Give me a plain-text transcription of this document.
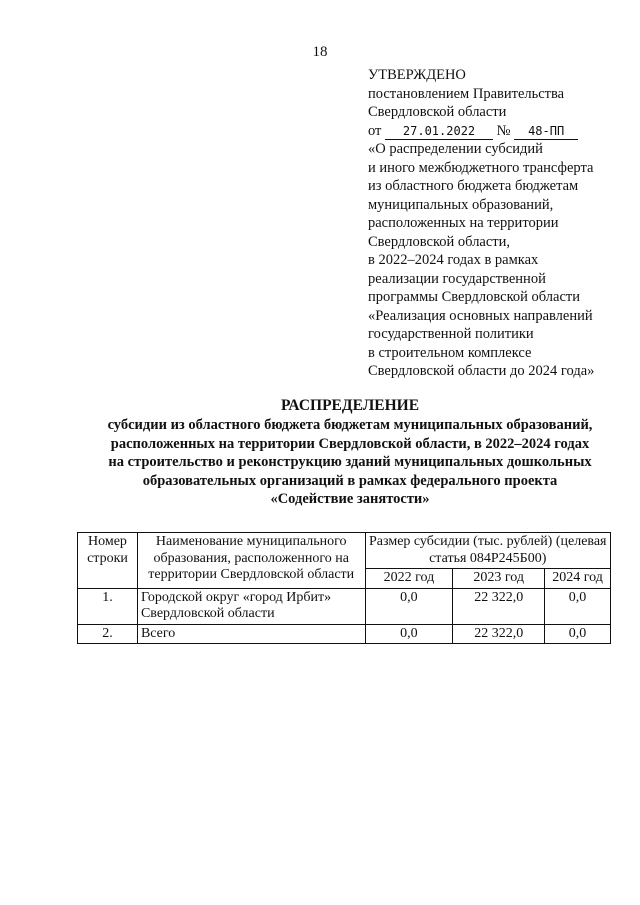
18
УТВЕРЖДЕНО
постановлением Правительства
Свердловской области
от 27.01.2022 № 48-ПП
«О распределении субсидий
и иного межбюджетного трансферта
из областного бюджета бюджетам
муниципальных образований,
расположенных на территории
Свердловской области,
в 2022–2024 годах в рамках
реализации государственной
программы Свердловской области
«Реализация основных направлений
государственной политики
в строительном комплексе
Свердловской области до 2024 года»
РАСПРЕДЕЛЕНИЕ
субсидии из областного бюджета бюджетам муниципальных образований,
расположенных на территории Свердловской области, в 2022–2024 годах
на строительство и реконструкцию зданий муниципальных дошкольных
образовательных организаций в рамках федерального проекта
«Содействие занятости»
Номер строки	Наименование муниципального образования, расположенного на территории Свердловской области	Размер субсидии (тыс. рублей) (целевая статья 084P245Б00)		
		2022 год	2023 год	2024 год
1.	Городской округ «город Ирбит» Свердловской области	0,0	22 322,0	0,0
2.	Всего	0,0	22 322,0	0,0
